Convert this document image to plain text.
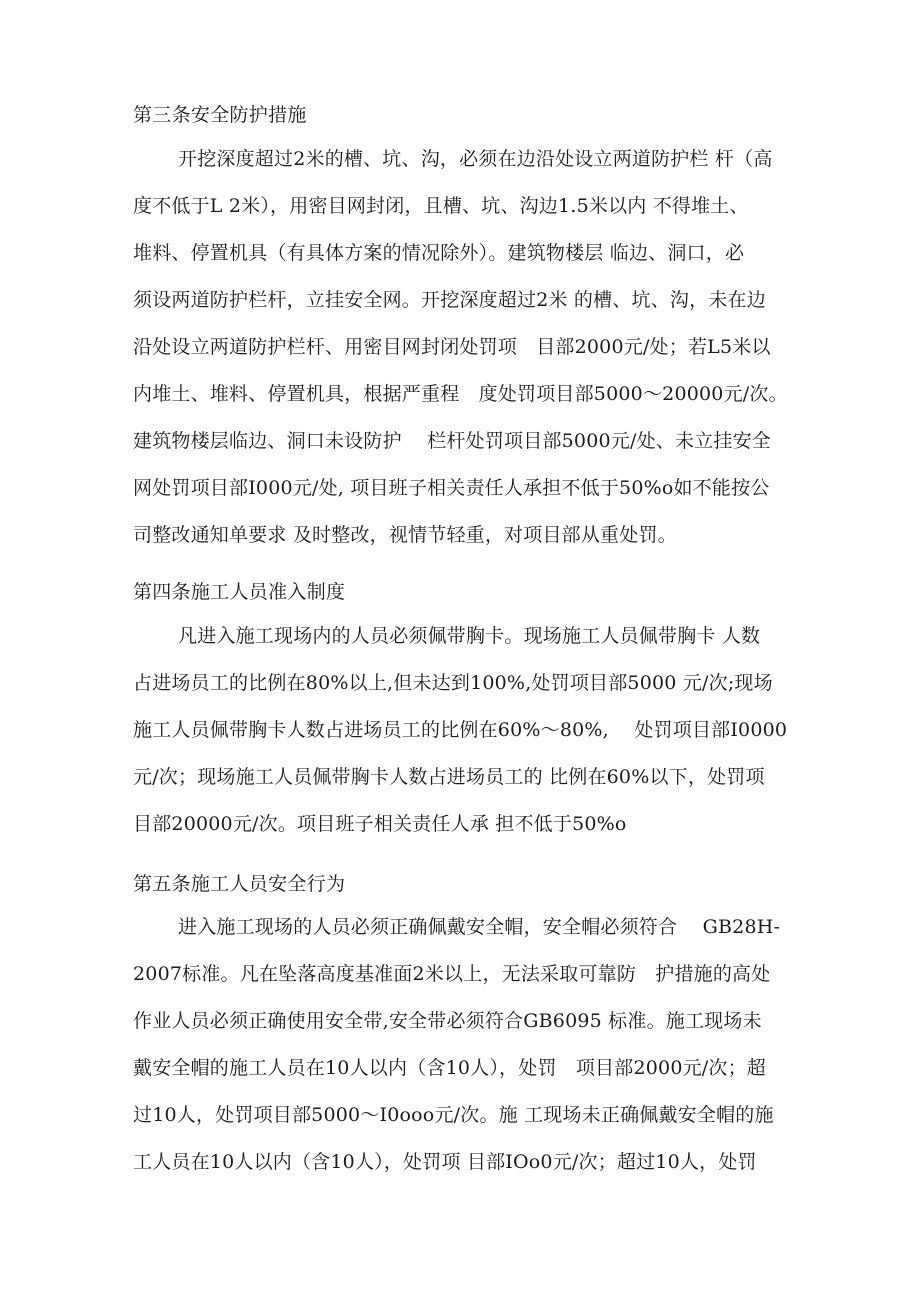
第三条安全防护措施
开挖深度超过2米的槽、坑、沟，必须在边沿处设立两道防护栏 杆（高
度不低于L 2米），用密目网封闭，且槽、坑、沟边1.5米以内 不得堆土、
堆料、停置机具（有具体方案的情况除外）。建筑物楼层 临边、洞口，必
须设两道防护栏杆，立挂安全网。开挖深度超过2米 的槽、坑、沟，未在边
沿处设立两道防护栏杆、用密目网封闭处罚项　目部2000元/处；若L5米以
内堆土、堆料、停置机具，根据严重程　度处罚项目部5000～20000元/次。
建筑物楼层临边、洞口未设防护　 栏杆处罚项目部5000元/处、未立挂安全
网处罚项目部I000元/处, 项目班子相关责任人承担不低于50%o如不能按公
司整改通知单要求 及时整改，视情节轻重，对项目部从重处罚。
第四条施工人员准入制度
凡进入施工现场内的人员必须佩带胸卡。现场施工人员佩带胸卡 人数
占进场员工的比例在80%以上,但未达到100%,处罚项目部5000 元/次;现场
施工人员佩带胸卡人数占进场员工的比例在60%～80%,　 处罚项目部I0000
元/次；现场施工人员佩带胸卡人数占进场员工的 比例在60%以下，处罚项
目部20000元/次。项目班子相关责任人承 担不低于50%o
第五条施工人员安全行为
进入施工现场的人员必须正确佩戴安全帽，安全帽必须符合　 GB28H-
2007标准。凡在坠落高度基准面2米以上，无法采取可靠防　护措施的高处
作业人员必须正确使用安全带,安全带必须符合GB6095 标准。施工现场未
戴安全帽的施工人员在10人以内（含10人），处罚　项目部2000元/次；超
过10人，处罚项目部5000～I0ooo元/次。施 工现场未正确佩戴安全帽的施
工人员在10人以内（含10人），处罚项 目部IOo0元/次；超过10人，处罚
